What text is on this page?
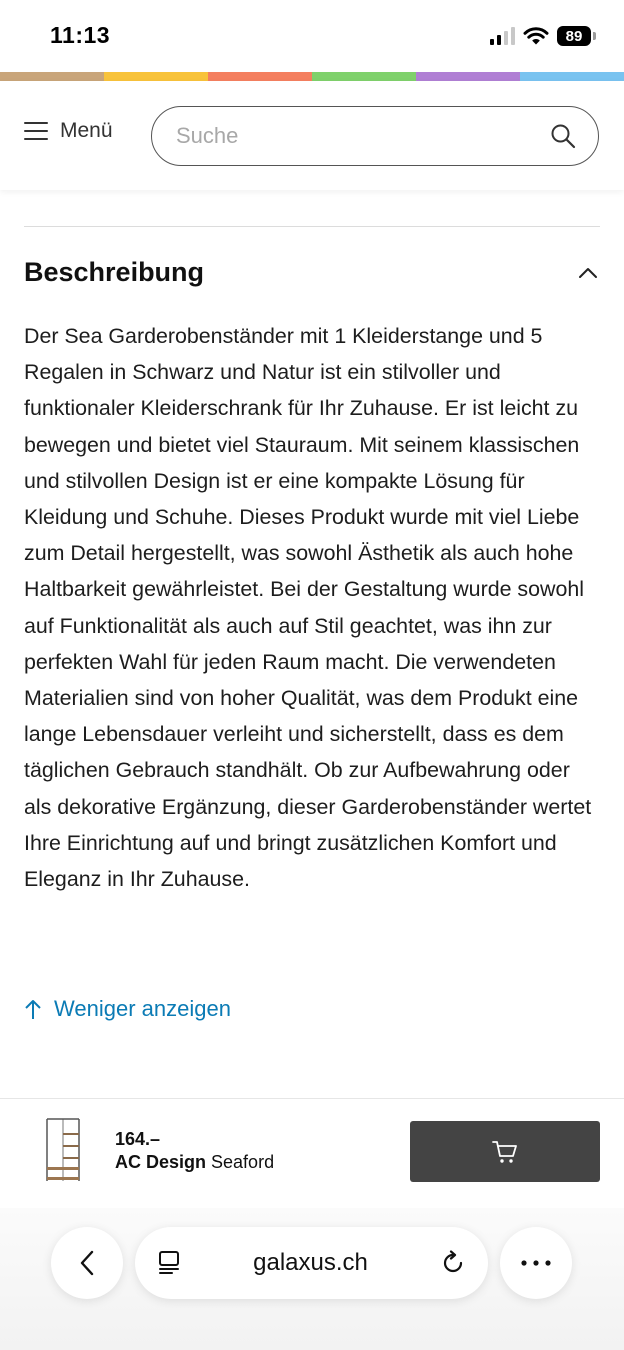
11:13	89
Menü
Suche
Beschreibung

Der Sea Garderobenständer mit 1 Kleiderstange und 5 Regalen in Schwarz und Natur ist ein stilvoller und funktionaler Kleiderschrank für Ihr Zuhause. Er ist leicht zu bewegen und bietet viel Stauraum. Mit seinem klassischen und stilvollen Design ist er eine kompakte Lösung für Kleidung und Schuhe. Dieses Produkt wurde mit viel Liebe zum Detail hergestellt, was sowohl Ästhetik als auch hohe Haltbarkeit gewährleistet. Bei der Gestaltung wurde sowohl auf Funktionalität als auch auf Stil geachtet, was ihn zur perfekten Wahl für jeden Raum macht. Die verwendeten Materialien sind von hoher Qualität, was dem Produkt eine lange Lebensdauer verleiht und sicherstellt, dass es dem täglichen Gebrauch standhält. Ob zur Aufbewahrung oder als dekorative Ergänzung, dieser Garderobenständer wertet Ihre Einrichtung auf und bringt zusätzlichen Komfort und Eleganz in Ihr Zuhause.

Weniger anzeigen
164.–
AC Design Seaford
galaxus.ch
